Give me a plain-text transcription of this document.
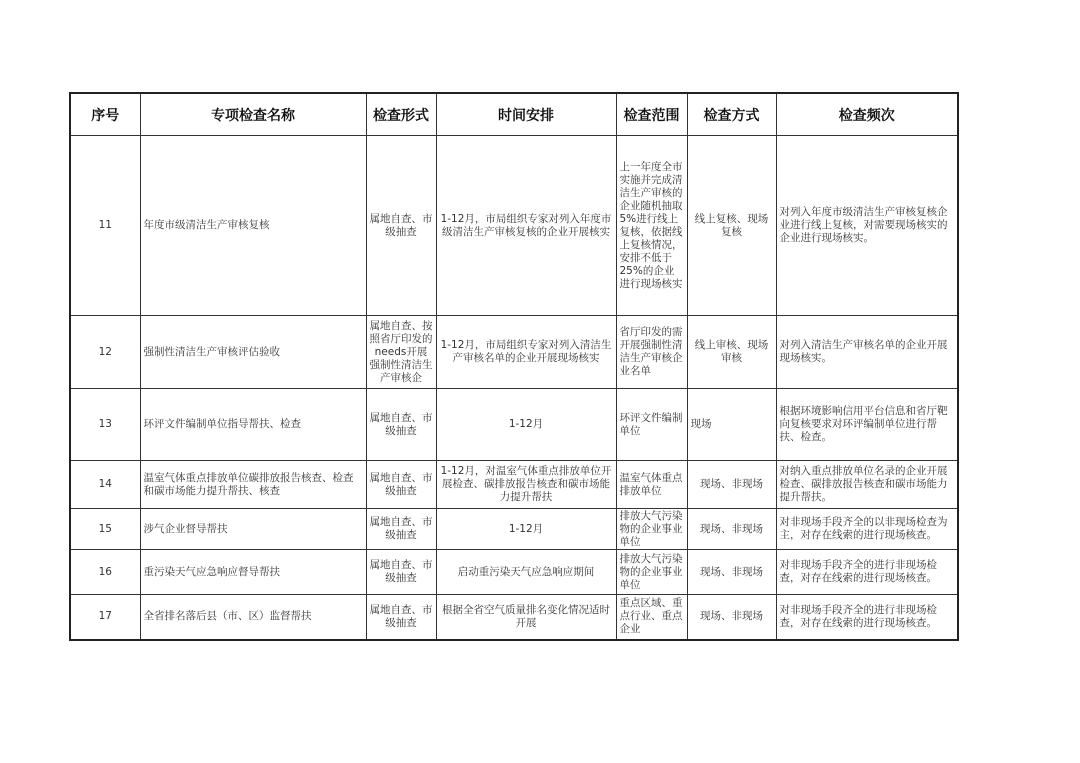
序号	专项检查名称	检查形式	时间安排	检查范围	检查方式	检查频次
11	年度市级清洁生产审核复核	属地自查、市级抽查	1-12月，市局组织专家对列入年度市级清洁生产审核复核的企业开展核实	上一年度全市实施并完成清洁生产审核的企业随机抽取5%进行线上复核，依据线上复核情况，安排不低于25%的企业进行现场核实	线上复核、现场复核	对列入年度市级清洁生产审核复核企业进行线上复核，对需要现场核实的企业进行现场核实。
12	强制性清洁生产审核评估验收	属地自查、按照省厅印发的needs开展强制性清洁生产审核企	1-12月，市局组织专家对列入清洁生产审核名单的企业开展现场核实	省厅印发的需开展强制性清洁生产审核企业名单	线上审核、现场审核	对列入清洁生产审核名单的企业开展现场核实。
13	环评文件编制单位指导帮扶、检查	属地自查、市级抽查	1-12月	环评文件编制单位	现场	根据环境影响信用平台信息和省厅靶向复核要求对环评编制单位进行帮扶、检查。
14	温室气体重点排放单位碳排放报告核查、检查和碳市场能力提升帮扶、核查	属地自查、市级抽查	1-12月，对温室气体重点排放单位开展检查、碳排放报告核查和碳市场能力提升帮扶	温室气体重点排放单位	现场、非现场	对纳入重点排放单位名录的企业开展检查、碳排放报告核查和碳市场能力提升帮扶。
15	涉气企业督导帮扶	属地自查、市级抽查	1-12月	排放大气污染物的企业事业单位	现场、非现场	对非现场手段齐全的以非现场检查为主，对存在线索的进行现场核查。
16	重污染天气应急响应督导帮扶	属地自查、市级抽查	启动重污染天气应急响应期间	排放大气污染物的企业事业单位	现场、非现场	对非现场手段齐全的进行非现场检查，对存在线索的进行现场核查。
17	全省排名落后县（市、区）监督帮扶	属地自查、市级抽查	根据全省空气质量排名变化情况适时开展	重点区域、重点行业、重点企业	现场、非现场	对非现场手段齐全的进行非现场检查，对存在线索的进行现场核查。
